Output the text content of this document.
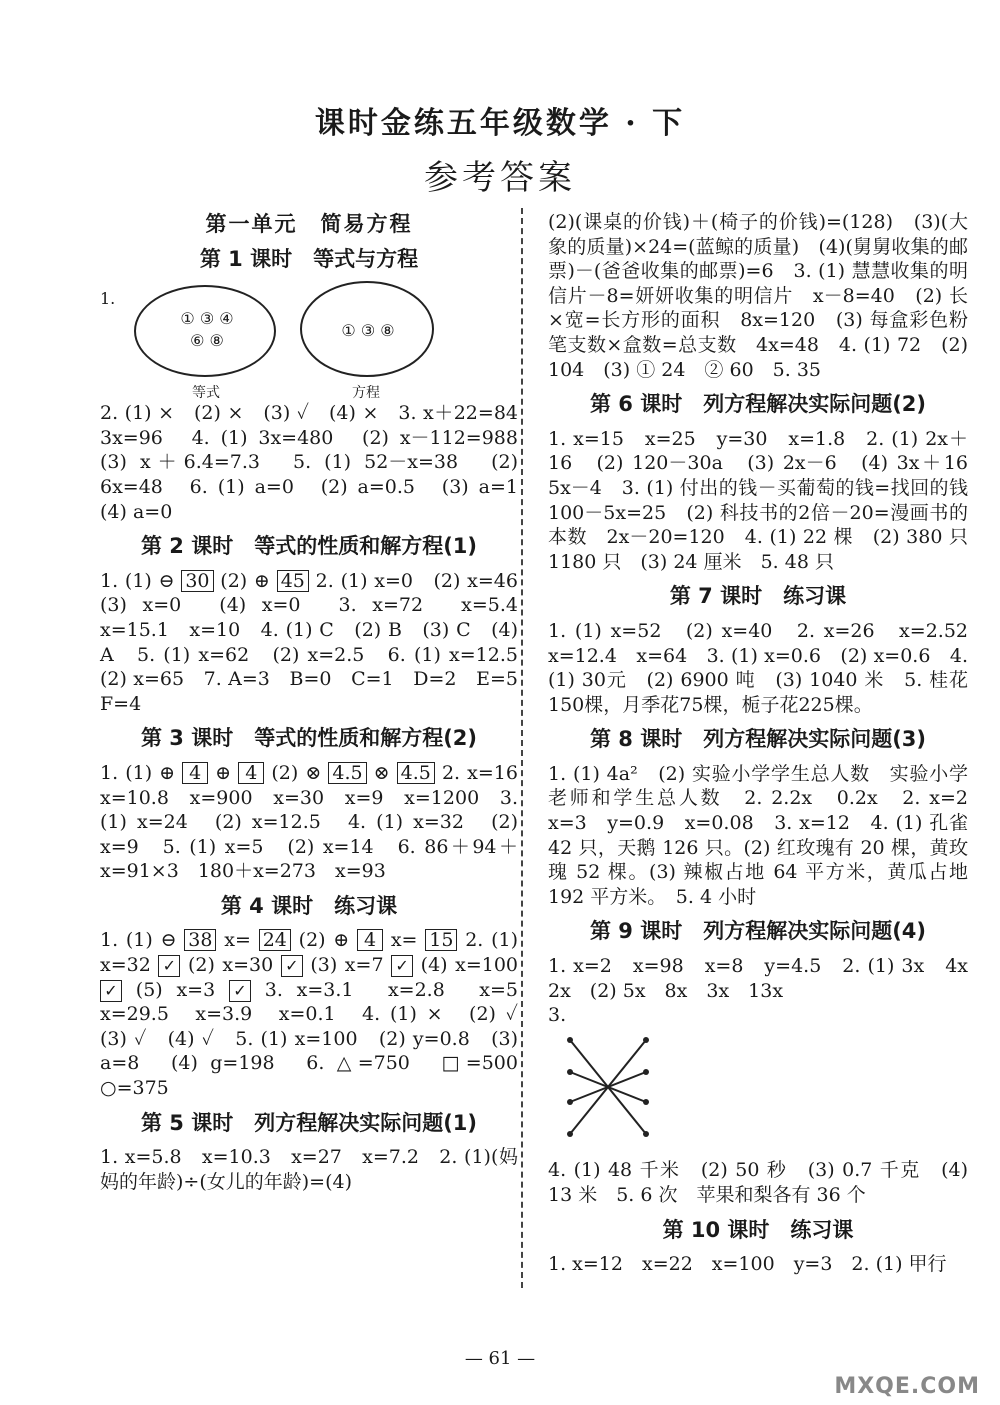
课时金练五年级数学 · 下
参考答案
第一单元　简易方程
第 1 课时　等式与方程
1.
① ③ ④
⑥ ⑧
① ③ ⑧
等式	方程
2. (1) ×　(2) ×　(3) ✓　(4) ×　3. x＋22=84　3x=96　4. (1) 3x=480　(2) x－112=988　(3) x＋6.4=7.3　5. (1) 52－x=38　(2) 6x=48　6. (1) a=0　(2) a=0.5　(3) a=1　(4) a=0
第 2 课时　等式的性质和解方程(1)
1. (1) ⊖ 30 (2) ⊕ 45 2. (1) x=0　(2) x=46　(3) x=0　(4) x=0　3. x=72　x=5.4　x=15.1　x=10　4. (1) C　(2) B　(3) C　(4) A　5. (1) x=62　(2) x=2.5　6. (1) x=12.5　(2) x=65　7. A=3　B=0　C=1　D=2　E=5　F=4
第 3 课时　等式的性质和解方程(2)
1. (1) ⊕ 4 ⊕ 4 (2) ⊗ 4.5 ⊗ 4.5 2. x=16　x=10.8　x=900　x=30　x=9　x=1200　3. (1) x=24　(2) x=12.5　4. (1) x=32　(2) x=9　5. (1) x=5　(2) x=14　6. 86＋94＋x=91×3　180＋x=273　x=93
第 4 课时　练习课
1. (1) ⊖ 38 x= 24 (2) ⊕ 4 x= 15 2. (1) x=32 ✓ (2) x=30 ✓ (3) x=7 ✓ (4) x=100 ✓ (5) x=3 ✓ 3. x=3.1　x=2.8　x=5　x=29.5　x=3.9　x=0.1　4. (1) ×　(2) ✓　(3) ✓　(4) ✓　5. (1) x=100　(2) y=0.8　(3) a=8　(4) g=198　6. △=750　□=500　○=375
第 5 课时　列方程解决实际问题(1)
1. x=5.8　x=10.3　x=27　x=7.2　2. (1)(妈妈的年龄)÷(女儿的年龄)=(4)
(2)(课桌的价钱)＋(椅子的价钱)=(128)　(3)(大象的质量)×24=(蓝鲸的质量)　(4)(舅舅收集的邮票)－(爸爸收集的邮票)=6　3. (1) 慧慧收集的明信片－8=妍妍收集的明信片　x－8=40　(2) 长×宽=长方形的面积　8x=120　(3) 每盒彩色粉笔支数×盒数=总支数　4x=48　4. (1) 72　(2) 104　(3) ① 24　② 60　5. 35
第 6 课时　列方程解决实际问题(2)
1. x=15　x=25　y=30　x=1.8　2. (1) 2x＋16　(2) 120－30a　(3) 2x－6　(4) 3x＋16　5x－4　3. (1) 付出的钱－买葡萄的钱=找回的钱　100－5x=25　(2) 科技书的2倍－20=漫画书的本数　2x－20=120　4. (1) 22 棵　(2) 380 只　1180 只　(3) 24 厘米　5. 48 只
第 7 课时　练习课
1. (1) x=52　(2) x=40　2. x=26　x=2.52　x=12.4　x=64　3. (1) x=0.6　(2) x=0.6　4. (1) 30元　(2) 6900 吨　(3) 1040 米　5. 桂花150棵，月季花75棵，栀子花225棵。
第 8 课时　列方程解决实际问题(3)
1. (1) 4a²　(2) 实验小学学生总人数　实验小学老师和学生总人数　2. 2.2x　0.2x　2. x=2　x=3　y=0.9　x=0.08　3. x=12　4. (1) 孔雀 42 只，天鹅 126 只。(2) 红玫瑰有 20 棵，黄玫瑰 52 棵。(3) 辣椒占地 64 平方米，黄瓜占地 192 平方米。　5. 4 小时
第 9 课时　列方程解决实际问题(4)
1. x=2　x=98　x=8　y=4.5　2. (1) 3x　4x　2x　(2) 5x　8x　3x　13x
3.
4. (1) 48 千米　(2) 50 秒　(3) 0.7 千克　(4) 13 米　5. 6 次　苹果和梨各有 36 个
第 10 课时　练习课
1. x=12　x=22　x=100　y=3　2. (1) 甲行
— 61 —
MXQE.COM
